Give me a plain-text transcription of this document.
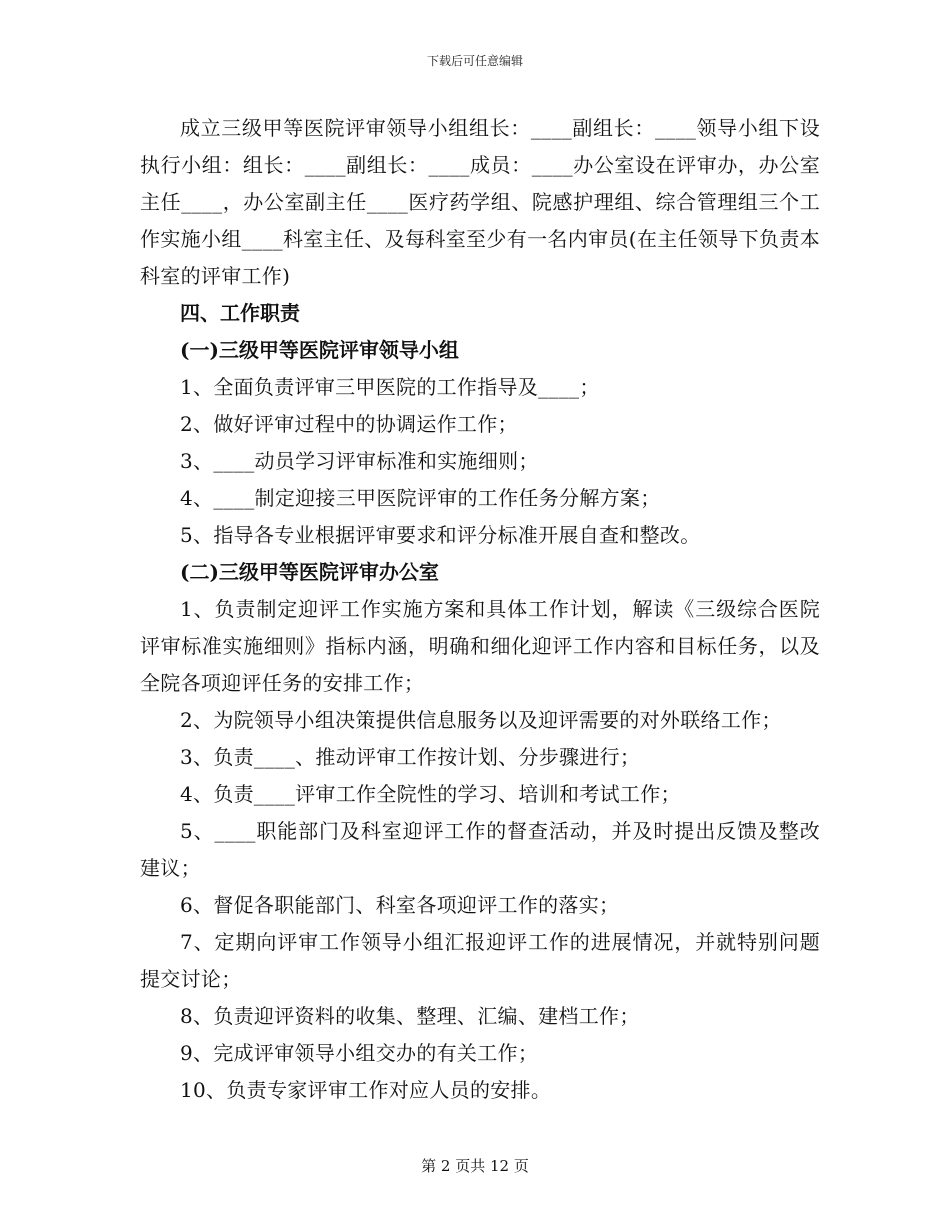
下载后可任意编辑

成立三级甲等医院评审领导小组组长：____副组长：____领导小组下设执行小组：组长：____副组长：____成员：____办公室设在评审办，办公室主任____，办公室副主任____医疗药学组、院感护理组、综合管理组三个工作实施小组____科室主任、及每科室至少有一名内审员(在主任领导下负责本科室的评审工作)

四、工作职责

(一)三级甲等医院评审领导小组

1、全面负责评审三甲医院的工作指导及____；

2、做好评审过程中的协调运作工作；

3、____动员学习评审标准和实施细则；

4、____制定迎接三甲医院评审的工作任务分解方案；

5、指导各专业根据评审要求和评分标准开展自查和整改。

(二)三级甲等医院评审办公室

1、负责制定迎评工作实施方案和具体工作计划，解读《三级综合医院评审标准实施细则》指标内涵，明确和细化迎评工作内容和目标任务，以及全院各项迎评任务的安排工作；

2、为院领导小组决策提供信息服务以及迎评需要的对外联络工作；

3、负责____、推动评审工作按计划、分步骤进行；

4、负责____评审工作全院性的学习、培训和考试工作；

5、____职能部门及科室迎评工作的督查活动，并及时提出反馈及整改建议；

6、督促各职能部门、科室各项迎评工作的落实；

7、定期向评审工作领导小组汇报迎评工作的进展情况，并就特别问题提交讨论；

8、负责迎评资料的收集、整理、汇编、建档工作；

9、完成评审领导小组交办的有关工作；

10、负责专家评审工作对应人员的安排。

第 2 页共 12 页
